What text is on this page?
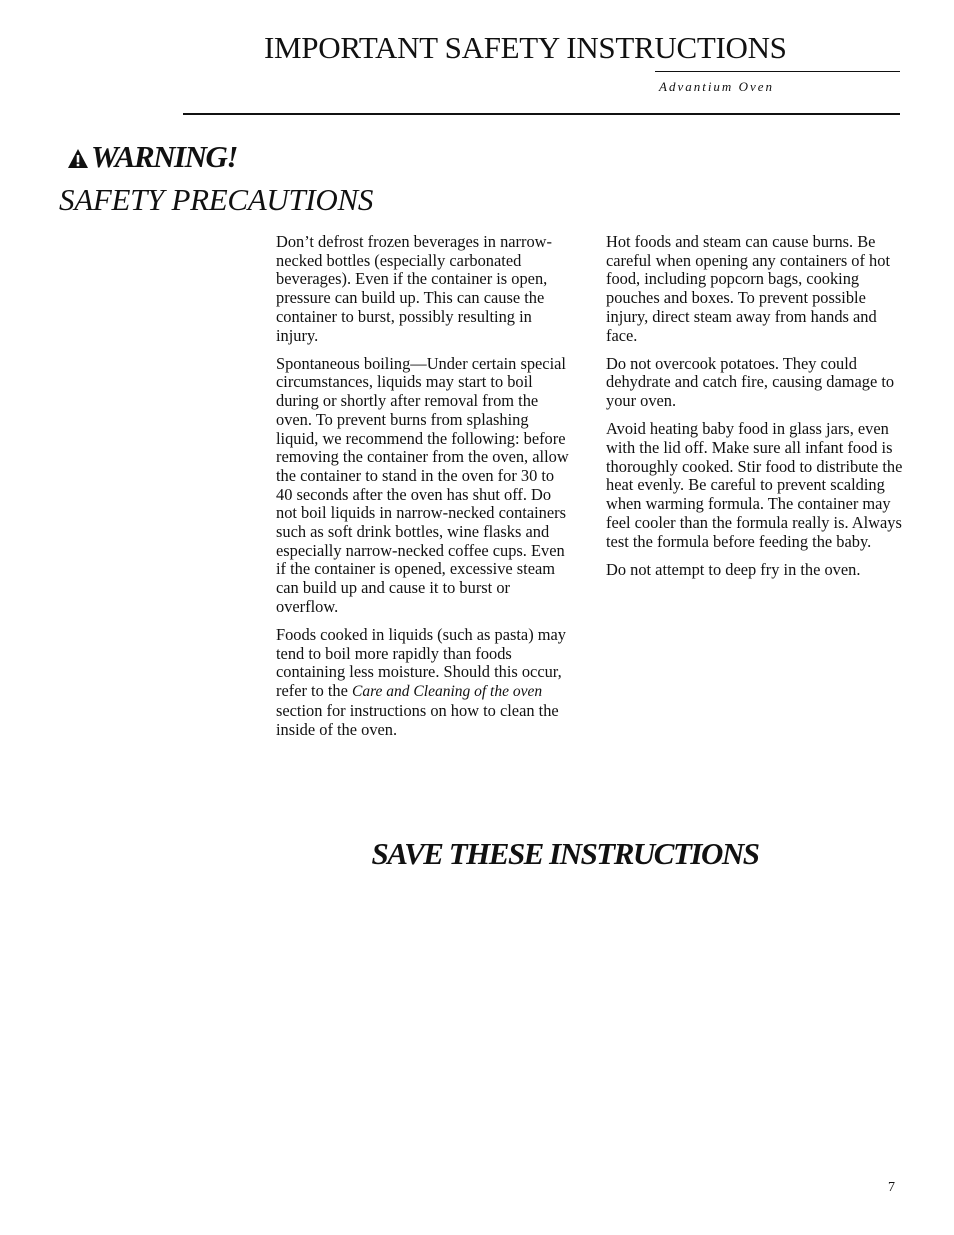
IMPORTANT SAFETY INSTRUCTIONS
Advantium Oven
WARNING!
SAFETY PRECAUTIONS

Don’t defrost frozen beverages in narrow-necked bottles (especially carbonated beverages). Even if the container is open, pressure can build up. This can cause the container to burst, possibly resulting in injury.

Spontaneous boiling—Under certain special circumstances, liquids may start to boil during or shortly after removal from the oven. To prevent burns from splashing liquid, we recommend the following: before removing the container from the oven, allow the container to stand in the oven for 30 to 40 seconds after the oven has shut off. Do not boil liquids in narrow-necked containers such as soft drink bottles, wine flasks and especially narrow-necked coffee cups. Even if the container is opened, excessive steam can build up and cause it to burst or overflow.

Foods cooked in liquids (such as pasta) may tend to boil more rapidly than foods containing less moisture. Should this occur, refer to the Care and Cleaning of the oven section for instructions on how to clean the inside of the oven.

Hot foods and steam can cause burns. Be careful when opening any containers of hot food, including popcorn bags, cooking pouches and boxes. To prevent possible injury, direct steam away from hands and face.

Do not overcook potatoes. They could dehydrate and catch fire, causing damage to your oven.

Avoid heating baby food in glass jars, even with the lid off. Make sure all infant food is thoroughly cooked. Stir food to distribute the heat evenly. Be careful to prevent scalding when warming formula. The container may feel cooler than the formula really is. Always test the formula before feeding the baby.

Do not attempt to deep fry in the oven.

SAVE THESE INSTRUCTIONS
7
